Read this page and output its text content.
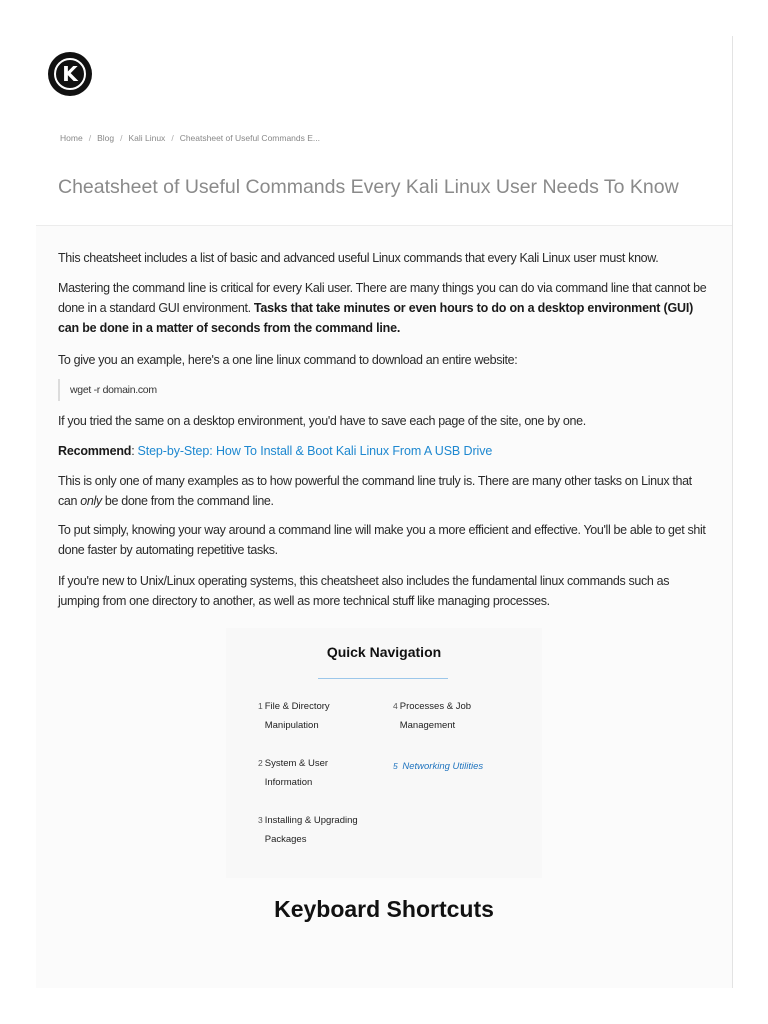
K
Home / Blog / Kali Linux / Cheatsheet of Useful Commands E...
Cheatsheet of Useful Commands Every Kali Linux User Needs To Know

This cheatsheet includes a list of basic and advanced useful Linux commands that every Kali Linux user must know.

Mastering the command line is critical for every Kali user. There are many things you can do via command line that cannot be done in a standard GUI environment. Tasks that take minutes or even hours to do on a desktop environment (GUI) can be done in a matter of seconds from the command line.

To give you an example, here's a one line linux command to download an entire website:

wget -r domain.com

If you tried the same on a desktop environment, you'd have to save each page of the site, one by one.

Recommend: Step-by-Step: How To Install & Boot Kali Linux From A USB Drive

This is only one of many examples as to how powerful the command line truly is. There are many other tasks on Linux that can only be done from the command line.

To put simply, knowing your way around a command line will make you a more efficient and effective. You'll be able to get shit done faster by automating repetitive tasks.

If you're new to Unix/Linux operating systems, this cheatsheet also includes the fundamental linux commands such as jumping from one directory to another, as well as more technical stuff like managing processes.

Quick Navigation
1 File & Directory Manipulation
2 System & User Information
3 Installing & Upgrading Packages
4 Processes & Job Management
5 Networking Utilities
Keyboard Shortcuts
